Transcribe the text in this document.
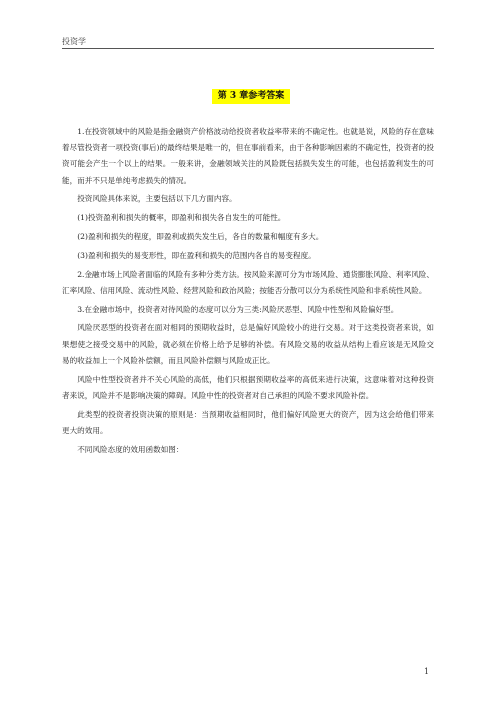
投资学
第 3 章参考答案

1.在投资领域中的风险是指金融资产价格波动给投资者收益率带来的不确定性。也就是说，风险的存在意味着尽管投资者一项投资(事后)的最终结果是唯一的，但在事前看来，由于各种影响因素的不确定性，投资者的投资可能会产生一个以上的结果。一般来讲，金融领域关注的风险既包括损失发生的可能，也包括盈利发生的可能，而并不只是单纯考虑损失的情况。

投资风险具体来说，主要包括以下几方面内容。

(1)投资盈利和损失的概率，即盈利和损失各自发生的可能性。

(2)盈利和损失的程度，即盈利或损失发生后，各自的数量和幅度有多大。

(3)盈利和损失的易变形性，即在盈利和损失的范围内各自的易变程度。

2.金融市场上风险者面临的风险有多种分类方法。按风险来源可分为市场风险、通货膨胀风险、利率风险、汇率风险、信用风险、流动性风险、经营风险和政治风险；按能否分散可以分为系统性风险和非系统性风险。

3.在金融市场中，投资者对待风险的态度可以分为三类:风险厌恶型、风险中性型和风险偏好型。

风险厌恶型的投资者在面对相同的预期收益时，总是偏好风险较小的进行交易。对于这类投资者来说，如果想使之接受交易中的风险，就必须在价格上给予足够的补偿。有风险交易的收益从结构上看应该是无风险交易的收益加上一个风险补偿额，而且风险补偿额与风险成正比。

风险中性型投资者并不关心风险的高低，他们只根据预期收益率的高低来进行决策，这意味着对这种投资者来说，风险并不是影响决策的障碍。风险中性的投资者对自己承担的风险不要求风险补偿。

此类型的投资者投资决策的原则是：当预期收益相同时，他们偏好风险更大的资产，因为这会给他们带来更大的效用。

不同风险态度的效用函数如图：

1
